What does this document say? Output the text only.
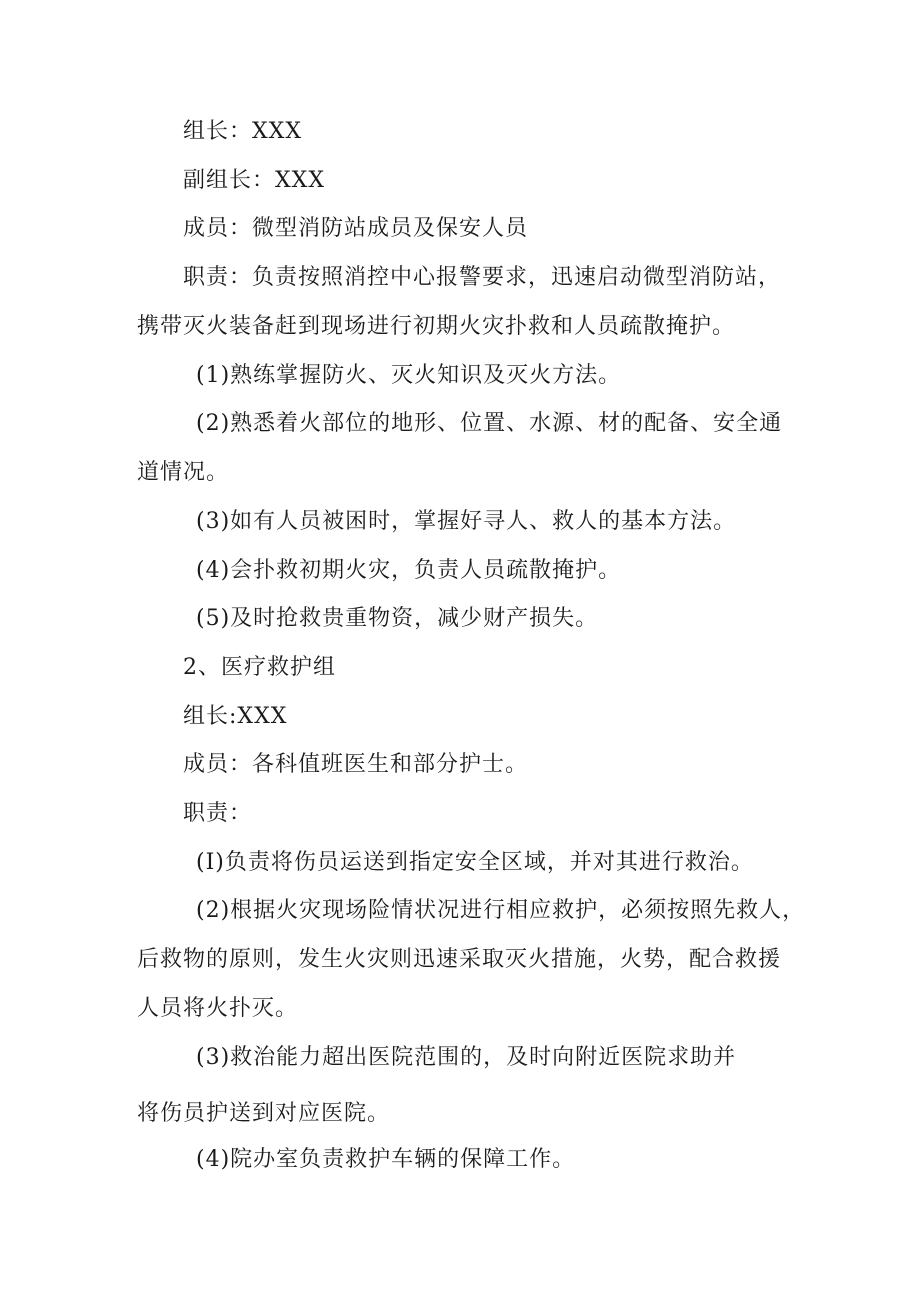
组长：XXX
副组长：XXX
成员：微型消防站成员及保安人员
职责：负责按照消控中心报警要求，迅速启动微型消防站，
携带灭火装备赶到现场进行初期火灾扑救和人员疏散掩护。
(1)熟练掌握防火、灭火知识及灭火方法。
(2)熟悉着火部位的地形、位置、水源、材的配备、安全通
道情况。
(3)如有人员被困时，掌握好寻人、救人的基本方法。
(4)会扑救初期火灾，负责人员疏散掩护。
(5)及时抢救贵重物资，减少财产损失。
2、医疗救护组
组长:XXX
成员：各科值班医生和部分护士。
职责：
(I)负责将伤员运送到指定安全区域，并对其进行救治。
(2)根据火灾现场险情状况进行相应救护，必须按照先救人，
后救物的原则，发生火灾则迅速采取灭火措施，火势，配合救援
人员将火扑灭。
(3)救治能力超出医院范围的，及时向附近医院求助并
将伤员护送到对应医院。
(4)院办室负责救护车辆的保障工作。
